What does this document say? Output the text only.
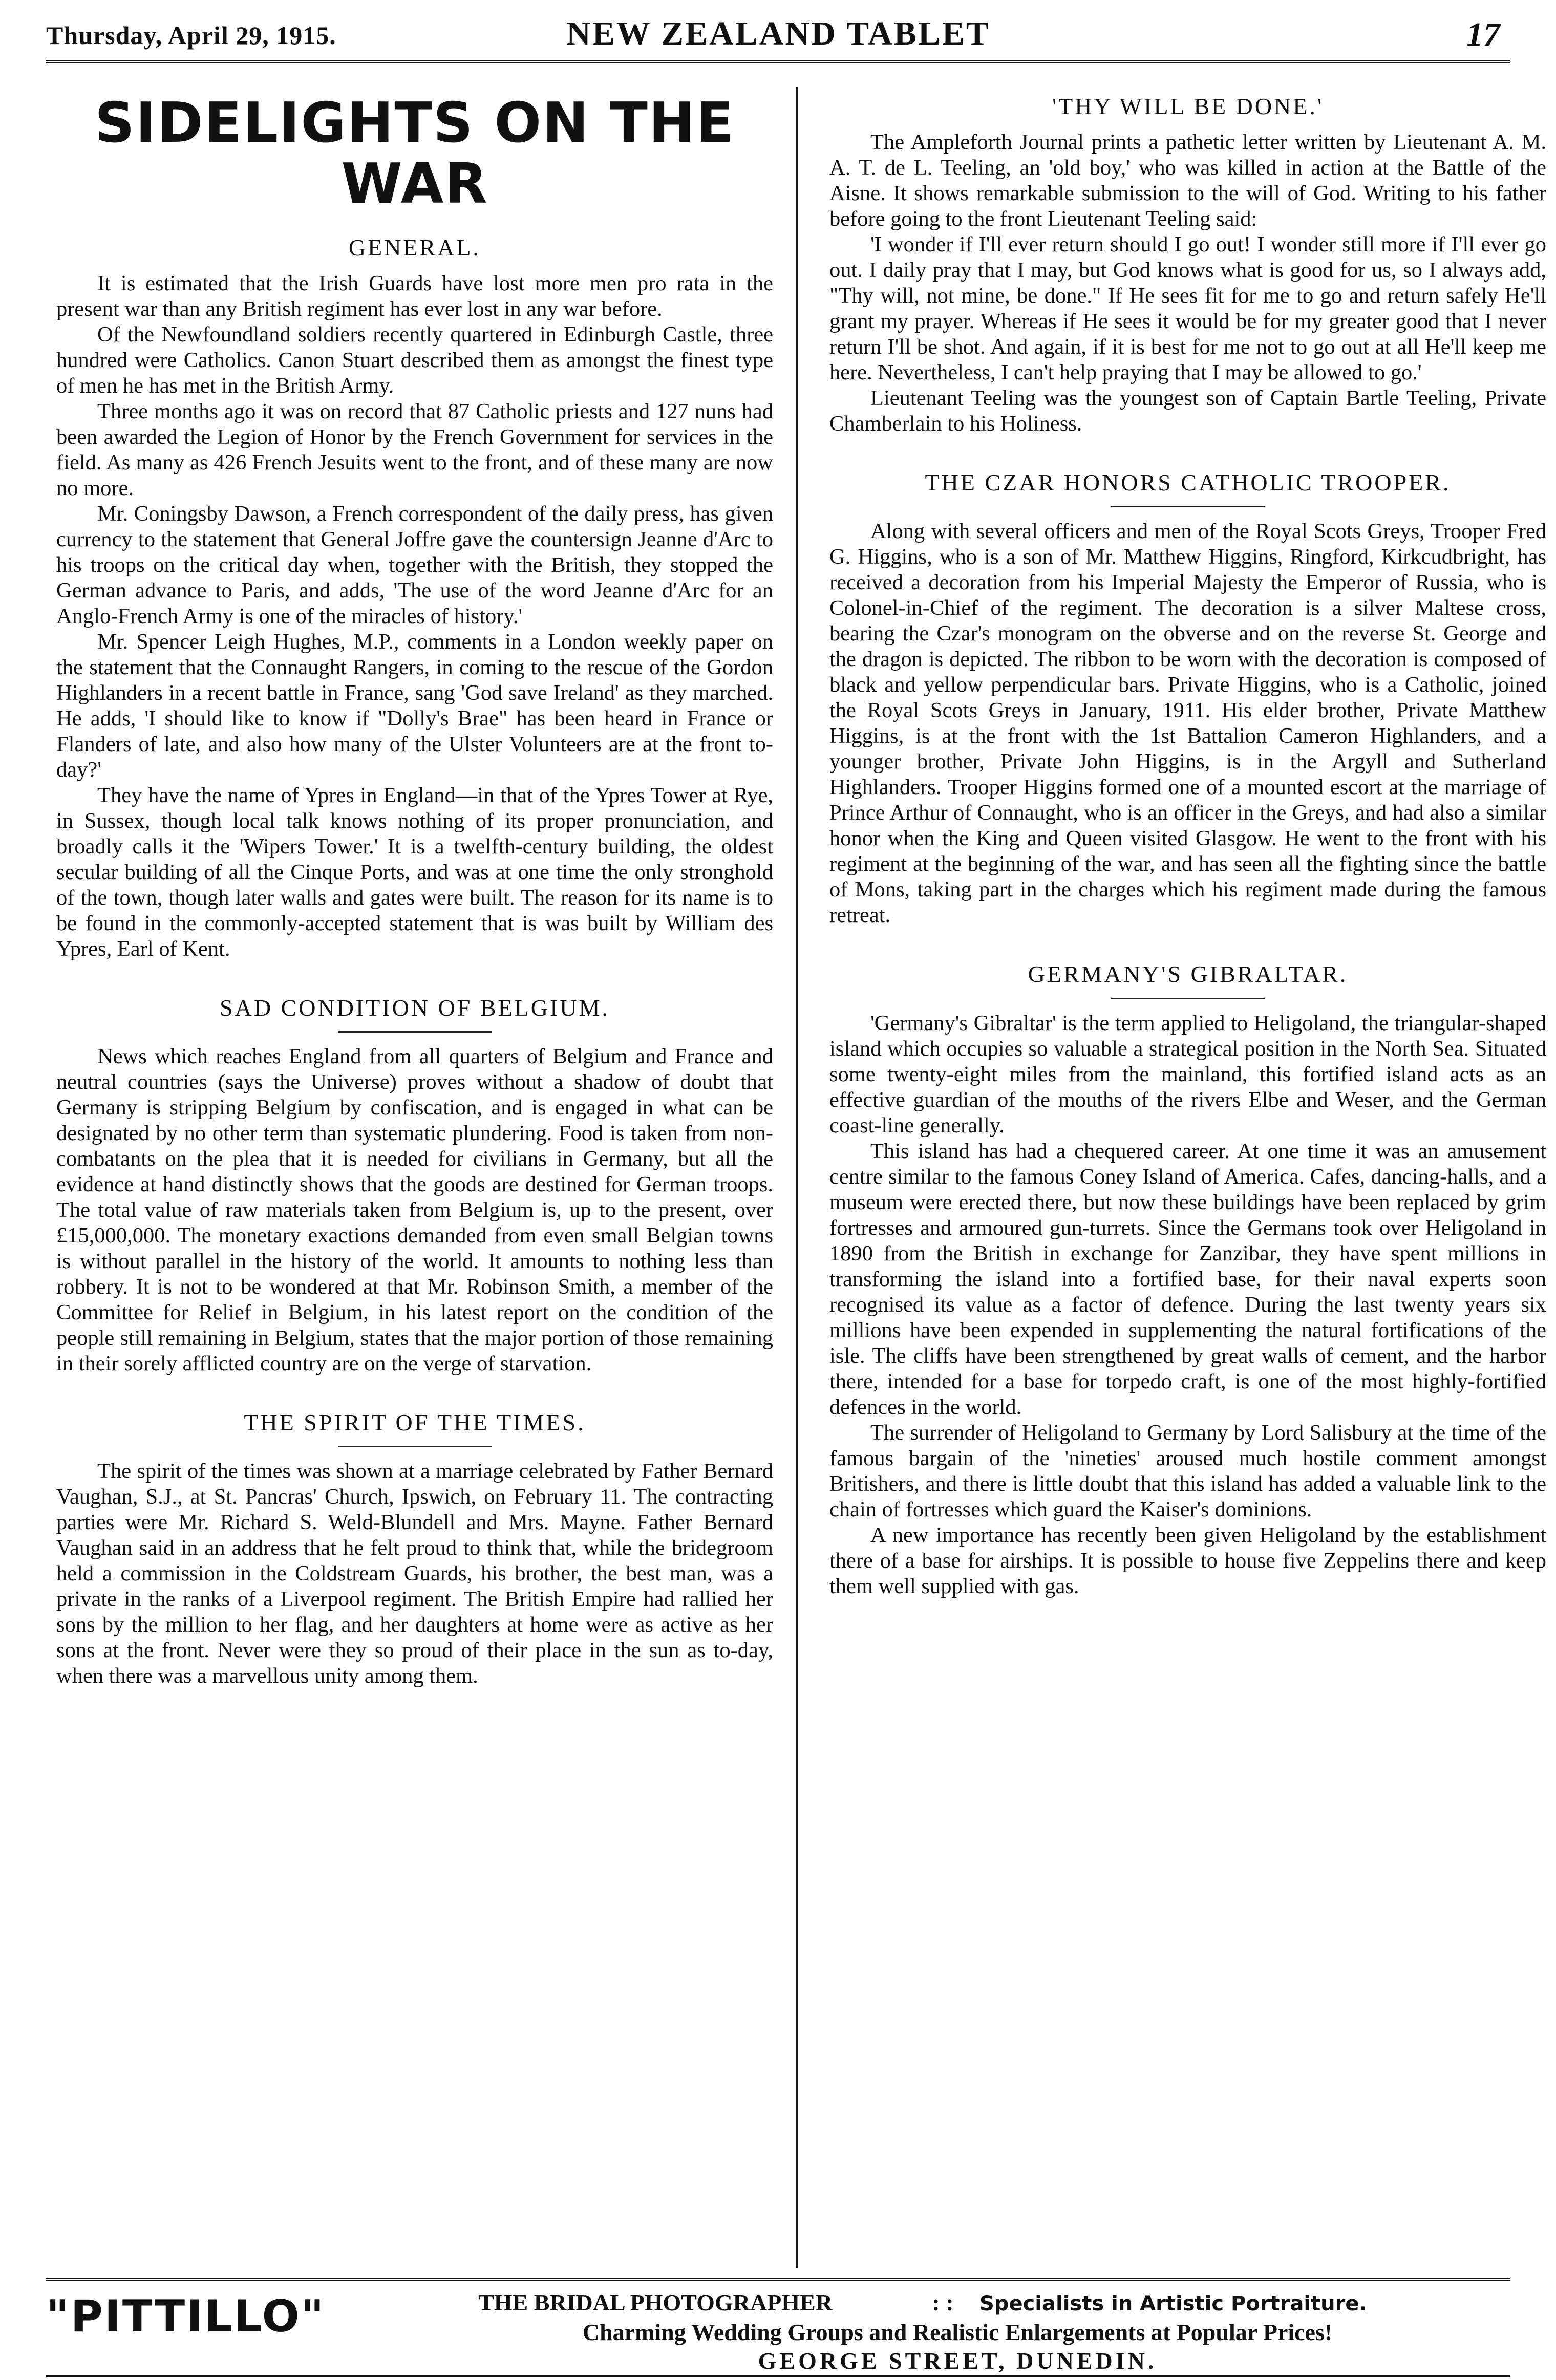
Thursday, April 29, 1915.	NEW ZEALAND TABLET	17
SIDELIGHTS ON THE WAR
GENERAL.

It is estimated that the Irish Guards have lost more men pro rata in the present war than any British regiment has ever lost in any war before.

Of the Newfoundland soldiers recently quartered in Edinburgh Castle, three hundred were Catholics. Canon Stuart described them as amongst the finest type of men he has met in the British Army.

Three months ago it was on record that 87 Catholic priests and 127 nuns had been awarded the Legion of Honor by the French Government for services in the field. As many as 426 French Jesuits went to the front, and of these many are now no more.

Mr. Coningsby Dawson, a French correspondent of the daily press, has given currency to the statement that General Joffre gave the countersign Jeanne d'Arc to his troops on the critical day when, together with the British, they stopped the German advance to Paris, and adds, 'The use of the word Jeanne d'Arc for an Anglo-French Army is one of the miracles of history.'

Mr. Spencer Leigh Hughes, M.P., comments in a London weekly paper on the statement that the Connaught Rangers, in coming to the rescue of the Gordon Highlanders in a recent battle in France, sang 'God save Ireland' as they marched. He adds, 'I should like to know if "Dolly's Brae" has been heard in France or Flanders of late, and also how many of the Ulster Volunteers are at the front to-day?'

They have the name of Ypres in England—in that of the Ypres Tower at Rye, in Sussex, though local talk knows nothing of its proper pronunciation, and broadly calls it the 'Wipers Tower.' It is a twelfth-century building, the oldest secular building of all the Cinque Ports, and was at one time the only stronghold of the town, though later walls and gates were built. The reason for its name is to be found in the commonly-accepted statement that is was built by William des Ypres, Earl of Kent.

SAD CONDITION OF BELGIUM.

News which reaches England from all quarters of Belgium and France and neutral countries (says the Universe) proves without a shadow of doubt that Germany is stripping Belgium by confiscation, and is engaged in what can be designated by no other term than systematic plundering. Food is taken from non-combatants on the plea that it is needed for civilians in Germany, but all the evidence at hand distinctly shows that the goods are destined for German troops. The total value of raw materials taken from Belgium is, up to the present, over £15,000,000. The monetary exactions demanded from even small Belgian towns is without parallel in the history of the world. It amounts to nothing less than robbery. It is not to be wondered at that Mr. Robinson Smith, a member of the Committee for Relief in Belgium, in his latest report on the condition of the people still remaining in Belgium, states that the major portion of those remaining in their sorely afflicted country are on the verge of starvation.

THE SPIRIT OF THE TIMES.

The spirit of the times was shown at a marriage celebrated by Father Bernard Vaughan, S.J., at St. Pancras' Church, Ipswich, on February 11. The contracting parties were Mr. Richard S. Weld-Blundell and Mrs. Mayne. Father Bernard Vaughan said in an address that he felt proud to think that, while the bridegroom held a commission in the Coldstream Guards, his brother, the best man, was a private in the ranks of a Liverpool regiment. The British Empire had rallied her sons by the million to her flag, and her daughters at home were as active as her sons at the front. Never were they so proud of their place in the sun as to-day, when there was a marvellous unity among them.

'THY WILL BE DONE.'

The Ampleforth Journal prints a pathetic letter written by Lieutenant A. M. A. T. de L. Teeling, an 'old boy,' who was killed in action at the Battle of the Aisne. It shows remarkable submission to the will of God. Writing to his father before going to the front Lieutenant Teeling said:

'I wonder if I'll ever return should I go out! I wonder still more if I'll ever go out. I daily pray that I may, but God knows what is good for us, so I always add, "Thy will, not mine, be done." If He sees fit for me to go and return safely He'll grant my prayer. Whereas if He sees it would be for my greater good that I never return I'll be shot. And again, if it is best for me not to go out at all He'll keep me here. Nevertheless, I can't help praying that I may be allowed to go.'

Lieutenant Teeling was the youngest son of Captain Bartle Teeling, Private Chamberlain to his Holiness.

THE CZAR HONORS CATHOLIC TROOPER.

Along with several officers and men of the Royal Scots Greys, Trooper Fred G. Higgins, who is a son of Mr. Matthew Higgins, Ringford, Kirkcudbright, has received a decoration from his Imperial Majesty the Emperor of Russia, who is Colonel-in-Chief of the regiment. The decoration is a silver Maltese cross, bearing the Czar's monogram on the obverse and on the reverse St. George and the dragon is depicted. The ribbon to be worn with the decoration is composed of black and yellow perpendicular bars. Private Higgins, who is a Catholic, joined the Royal Scots Greys in January, 1911. His elder brother, Private Matthew Higgins, is at the front with the 1st Battalion Cameron Highlanders, and a younger brother, Private John Higgins, is in the Argyll and Sutherland Highlanders. Trooper Higgins formed one of a mounted escort at the marriage of Prince Arthur of Connaught, who is an officer in the Greys, and had also a similar honor when the King and Queen visited Glasgow. He went to the front with his regiment at the beginning of the war, and has seen all the fighting since the battle of Mons, taking part in the charges which his regiment made during the famous retreat.

GERMANY'S GIBRALTAR.

'Germany's Gibraltar' is the term applied to Heligoland, the triangular-shaped island which occupies so valuable a strategical position in the North Sea. Situated some twenty-eight miles from the mainland, this fortified island acts as an effective guardian of the mouths of the rivers Elbe and Weser, and the German coast-line generally.

This island has had a chequered career. At one time it was an amusement centre similar to the famous Coney Island of America. Cafes, dancing-halls, and a museum were erected there, but now these buildings have been replaced by grim fortresses and armoured gun-turrets. Since the Germans took over Heligoland in 1890 from the British in exchange for Zanzibar, they have spent millions in transforming the island into a fortified base, for their naval experts soon recognised its value as a factor of defence. During the last twenty years six millions have been expended in supplementing the natural fortifications of the isle. The cliffs have been strengthened by great walls of cement, and the harbor there, intended for a base for torpedo craft, is one of the most highly-fortified defences in the world.

The surrender of Heligoland to Germany by Lord Salisbury at the time of the famous bargain of the 'nineties' aroused much hostile comment amongst Britishers, and there is little doubt that this island has added a valuable link to the chain of fortresses which guard the Kaiser's dominions.

A new importance has recently been given Heligoland by the establishment there of a base for airships. It is possible to house five Zeppelins there and keep them well supplied with gas.

"PITTILLO"	THE BRIDAL PHOTOGRAPHER	: : Specialists in Artistic Portraiture.
Charming Wedding Groups and Realistic Enlargements at Popular Prices!
GEORGE STREET, DUNEDIN.
